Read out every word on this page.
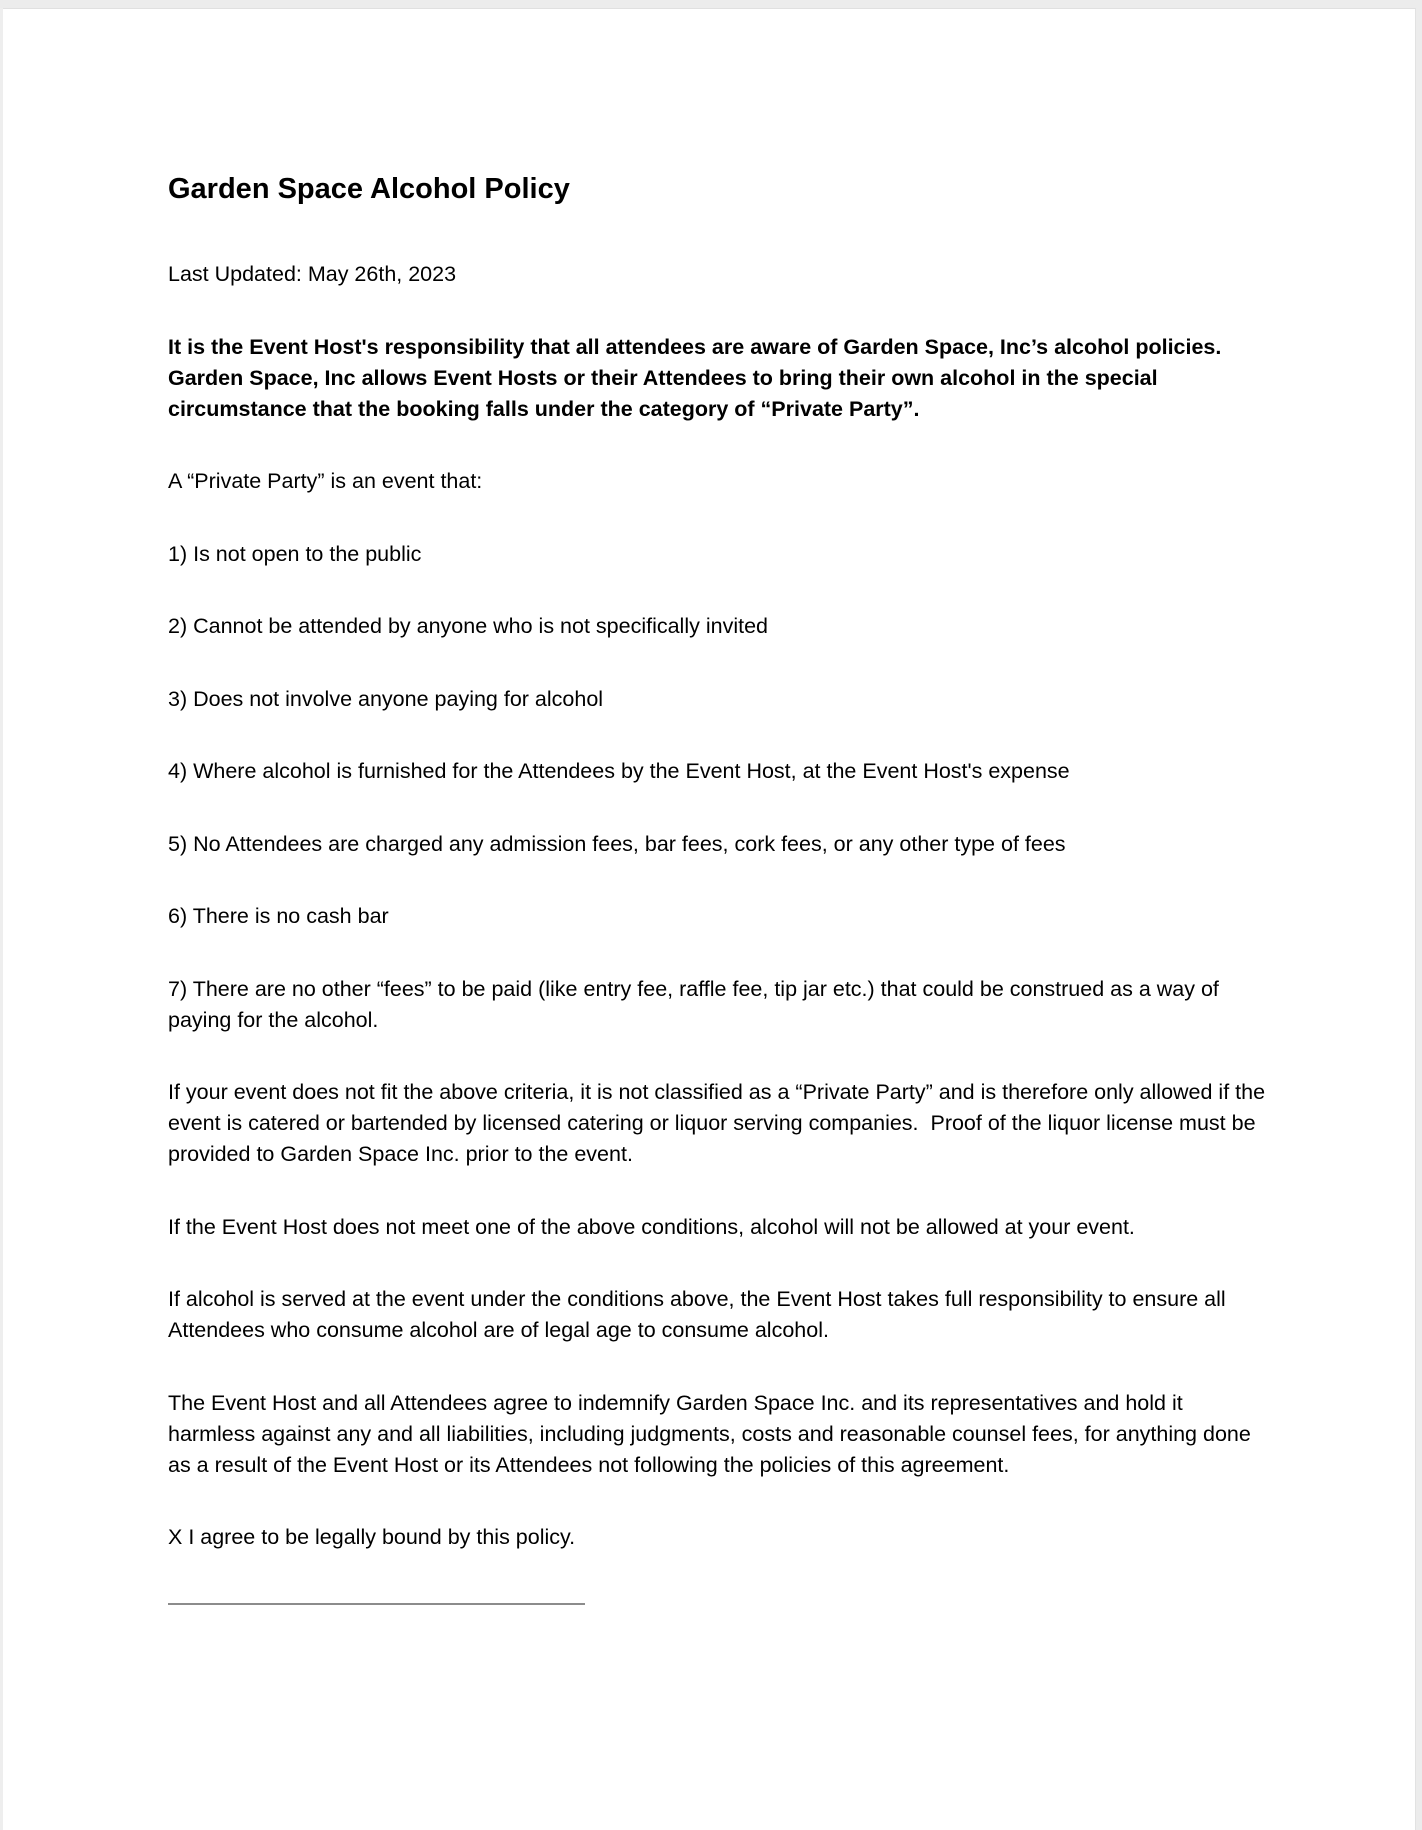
Garden Space Alcohol Policy

Last Updated: May 26th, 2023

It is the Event Host's responsibility that all attendees are aware of Garden Space, Inc’s alcohol policies. Garden Space, Inc allows Event Hosts or their Attendees to bring their own alcohol in the special circumstance that the booking falls under the category of “Private Party”.

A “Private Party” is an event that:

1) Is not open to the public

2) Cannot be attended by anyone who is not specifically invited

3) Does not involve anyone paying for alcohol

4) Where alcohol is furnished for the Attendees by the Event Host, at the Event Host's expense

5) No Attendees are charged any admission fees, bar fees, cork fees, or any other type of fees

6) There is no cash bar

7) There are no other “fees” to be paid (like entry fee, raffle fee, tip jar etc.) that could be construed as a way of paying for the alcohol.

If your event does not fit the above criteria, it is not classified as a “Private Party” and is therefore only allowed if the event is catered or bartended by licensed catering or liquor serving companies.  Proof of the liquor license must be provided to Garden Space Inc. prior to the event.

If the Event Host does not meet one of the above conditions, alcohol will not be allowed at your event.

If alcohol is served at the event under the conditions above, the Event Host takes full responsibility to ensure all Attendees who consume alcohol are of legal age to consume alcohol.

The Event Host and all Attendees agree to indemnify Garden Space Inc. and its representatives and hold it harmless against any and all liabilities, including judgments, costs and reasonable counsel fees, for anything done as a result of the Event Host or its Attendees not following the policies of this agreement.

X I agree to be legally bound by this policy.
